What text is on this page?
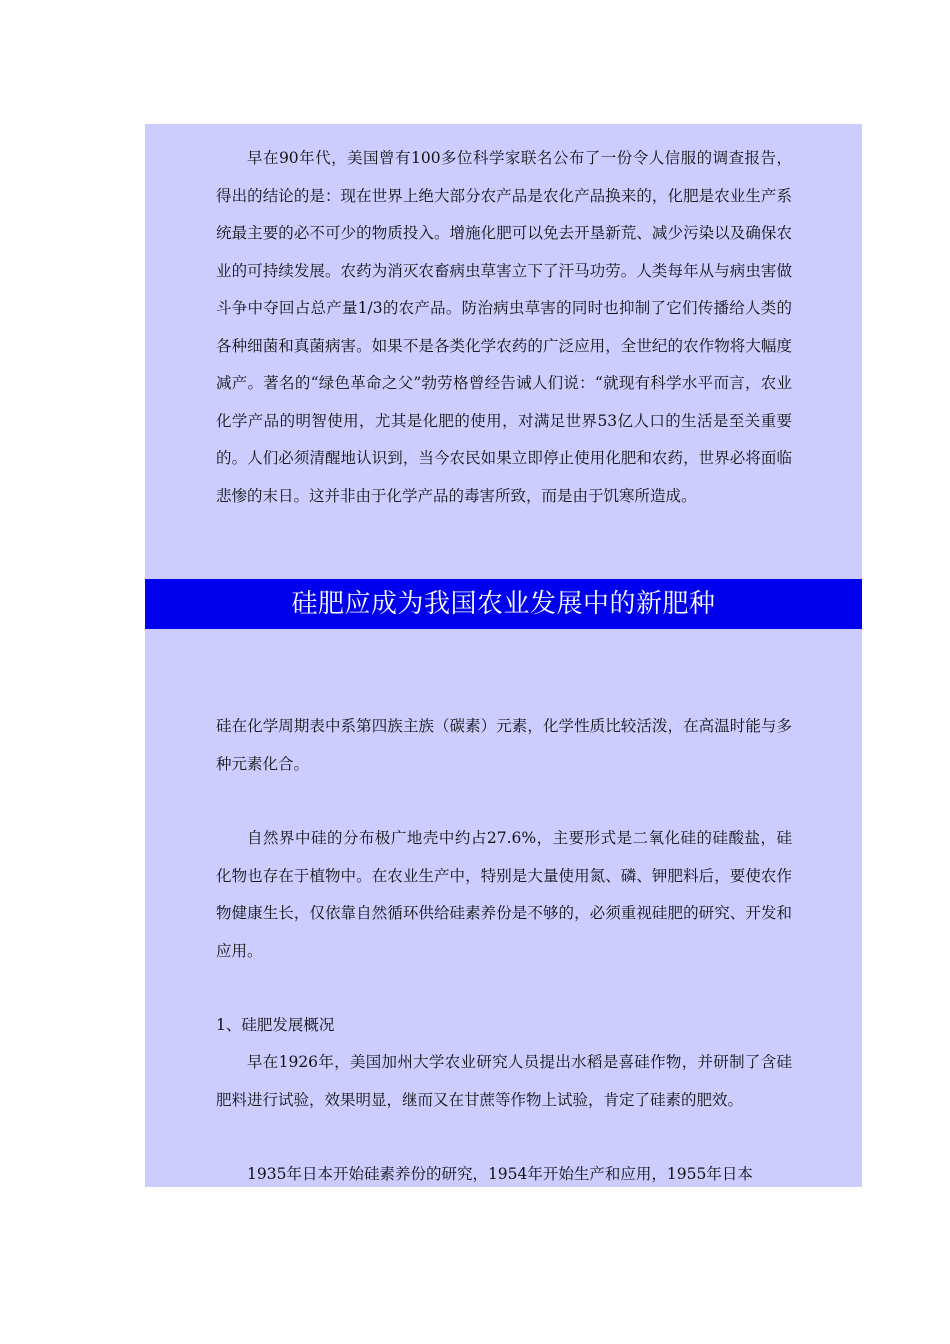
硅肥应成为我国农业发展中的新肥种

早在90年代，美国曾有100多位科学家联名公布了一份令人信服的调查报告，得出的结论的是：现在世界上绝大部分农产品是农化产品换来的，化肥是农业生产系统最主要的必不可少的物质投入。增施化肥可以免去开垦新荒、减少污染以及确保农业的可持续发展。农药为消灭农畜病虫草害立下了汗马功劳。人类每年从与病虫害做斗争中夺回占总产量1/3的农产品。防治病虫草害的同时也抑制了它们传播给人类的各种细菌和真菌病害。如果不是各类化学农药的广泛应用，全世纪的农作物将大幅度减产。著名的“绿色革命之父”勃劳格曾经告诫人们说：“就现有科学水平而言，农业化学产品的明智使用，尤其是化肥的使用，对满足世界53亿人口的生活是至关重要的。人们必须清醒地认识到，当今农民如果立即停止使用化肥和农药，世界必将面临悲惨的末日。这并非由于化学产品的毒害所致，而是由于饥寒所造成。

硅在化学周期表中系第四族主族（碳素）元素，化学性质比较活泼，在高温时能与多种元素化合。

自然界中硅的分布极广地壳中约占27.6%，主要形式是二氧化硅的硅酸盐，硅化物也存在于植物中。在农业生产中，特别是大量使用氮、磷、钾肥料后，要使农作物健康生长，仅依靠自然循环供给硅素养份是不够的，必须重视硅肥的研究、开发和应用。

1、硅肥发展概况

早在1926年，美国加州大学农业研究人员提出水稻是喜硅作物，并研制了含硅肥料进行试验，效果明显，继而又在甘蔗等作物上试验，肯定了硅素的肥效。

1935年日本开始硅素养份的研究，1954年开始生产和应用，1955年日本
